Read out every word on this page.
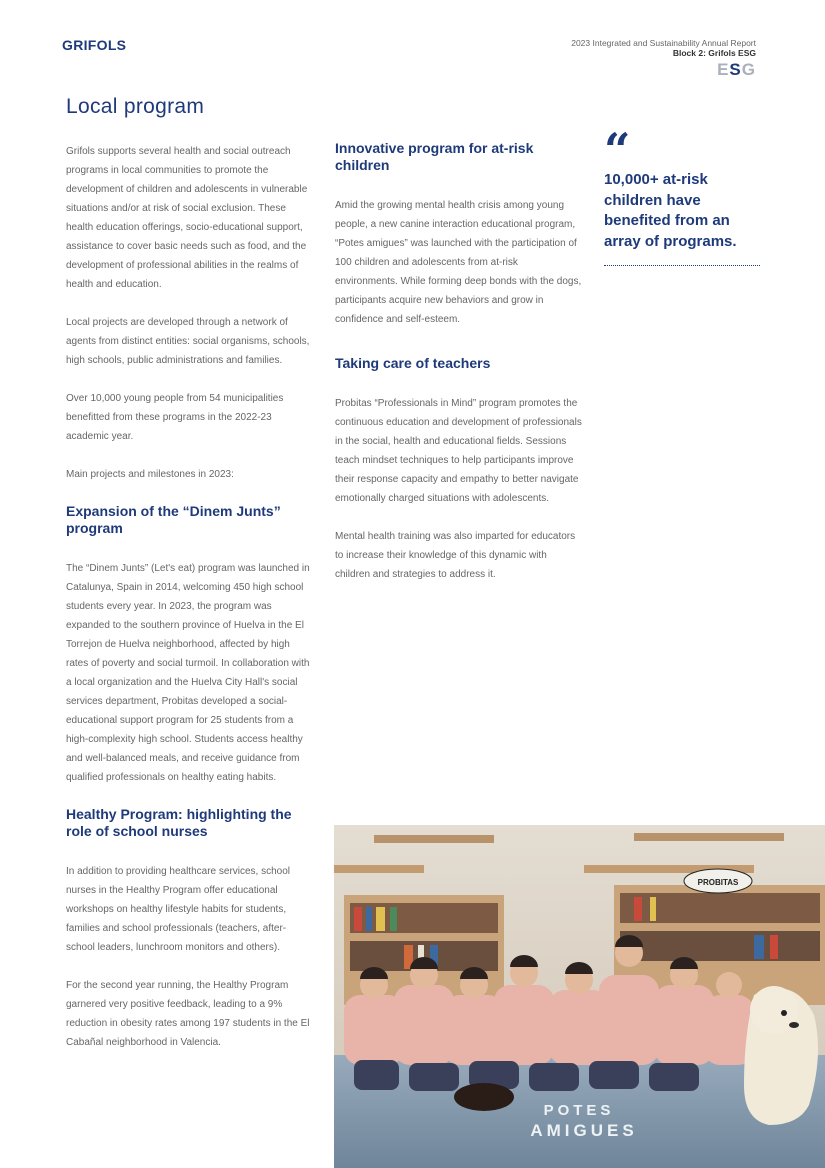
GRIFOLS	2023 Integrated and Sustainability Annual Report
Block 2: Grifols ESG
ESG
Local program

Grifols supports several health and social outreach programs in local communities to promote the development of children and adolescents in vulnerable situations and/or at risk of social exclusion. These health education offerings, socio-educational support, assistance to cover basic needs such as food, and the development of professional abilities in the realms of health and education.

Local projects are developed through a network of agents from distinct entities: social organisms, schools, high schools, public administrations and families.

Over 10,000 young people from 54 municipalities benefitted from these programs in the 2022-23 academic year.

Main projects and milestones in 2023:

Expansion of the “Dinem Junts” program

The “Dinem Junts” (Let's eat) program was launched in Catalunya, Spain in 2014, welcoming 450 high school students every year. In 2023, the program was expanded to the southern province of Huelva in the El Torrejon de Huelva neighborhood, affected by high rates of poverty and social turmoil. In collaboration with a local organization and the Huelva City Hall's social services department, Probitas developed a social-educational support program for 25 students from a high-complexity high school. Students access healthy and well-balanced meals, and receive guidance from qualified professionals on healthy eating habits.

Healthy Program: highlighting the role of school nurses

In addition to providing healthcare services, school nurses in the Healthy Program offer educational workshops on healthy lifestyle habits for students, families and school professionals (teachers, after-school leaders, lunchroom monitors and others).

For the second year running, the Healthy Program garnered very positive feedback, leading to a 9% reduction in obesity rates among 197 students in the El Cabañal neighborhood in Valencia.

Innovative program for at-risk children

Amid the growing mental health crisis among young people, a new canine interaction educational program, “Potes amigues” was launched with the participation of 100 children and adolescents from at-risk environments. While forming deep bonds with the dogs, participants acquire new behaviors and grow in confidence and self-esteem.

Taking care of teachers

Probitas “Professionals in Mind” program promotes the continuous education and development of professionals in the social, health and educational fields. Sessions teach mindset techniques to help participants improve their response capacity and empathy to better navigate emotionally charged situations with adolescents.

Mental health training was also imparted for educators to increase their knowledge of this dynamic with children and strategies to address it.

“
10,000+ at-risk children have benefited from an array of programs.
PROBITAS
POTES
AMIGUES
